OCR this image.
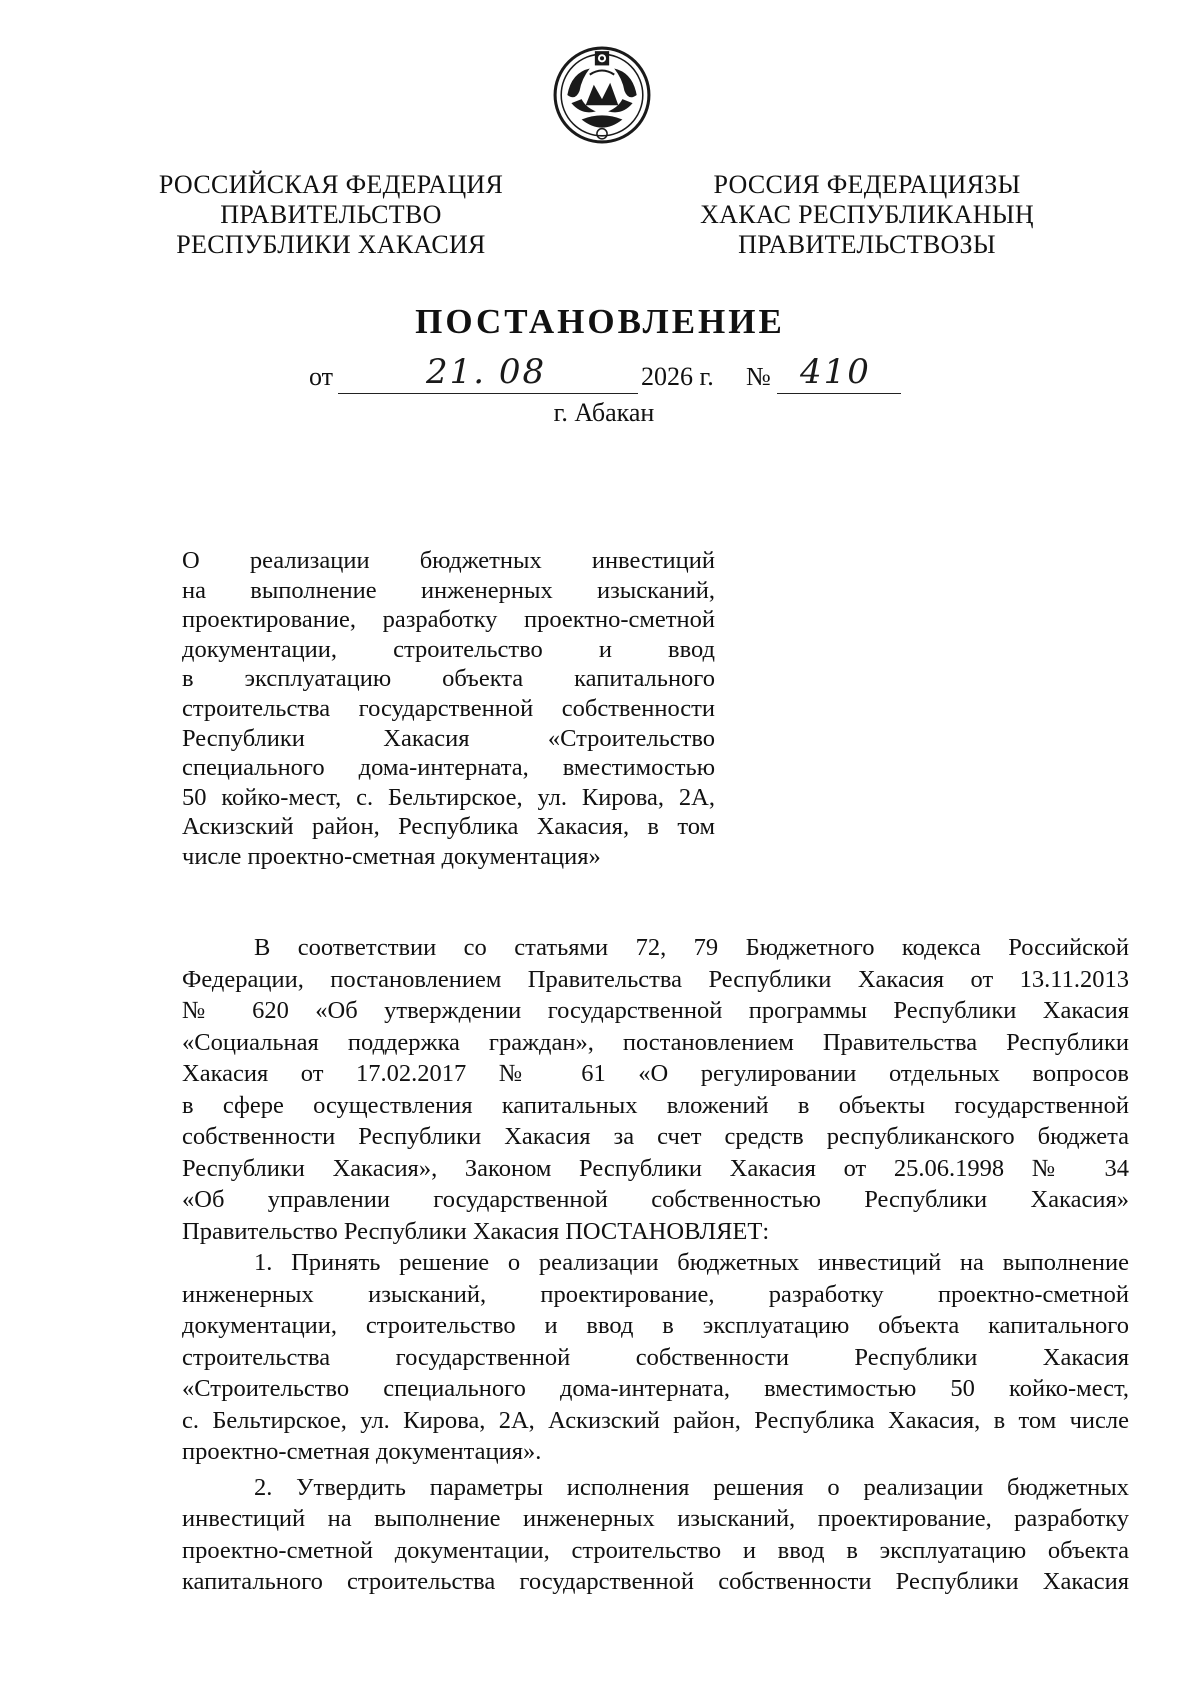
РОССИЙСКАЯ ФЕДЕРАЦИЯ
ПРАВИТЕЛЬСТВО
РЕСПУБЛИКИ ХАКАСИЯ
РОССИЯ ФЕДЕРАЦИЯЗЫ
ХАКАС РЕСПУБЛИКАНЫҢ
ПРАВИТЕЛЬСТВОЗЫ
ПОСТАНОВЛЕНИЕ
от	21. 08	2026 г. № 410
г. Абакан
О реализации бюджетных инвестиций
на выполнение инженерных изысканий,
проектирование, разработку проектно-сметной
документации, строительство и ввод
в эксплуатацию объекта капитального
строительства государственной собственности
Республики Хакасия «Строительство
специального дома-интерната, вместимостью
50 койко-мест, с. Бельтирское, ул. Кирова, 2А,
Аскизский район, Республика Хакасия, в том
числе проектно-сметная документация»
В соответствии со статьями 72, 79 Бюджетного кодекса Российской
Федерации, постановлением Правительства Республики Хакасия от 13.11.2013
№ 620 «Об утверждении государственной программы Республики Хакасия
«Социальная поддержка граждан», постановлением Правительства Республики
Хакасия от 17.02.2017 № 61 «О регулировании отдельных вопросов
в сфере осуществления капитальных вложений в объекты государственной
собственности Республики Хакасия за счет средств республиканского бюджета
Республики Хакасия», Законом Республики Хакасия от 25.06.1998 № 34
«Об управлении государственной собственностью Республики Хакасия»
Правительство Республики Хакасия ПОСТАНОВЛЯЕТ:
1. Принять решение о реализации бюджетных инвестиций на выполнение
инженерных изысканий, проектирование, разработку проектно-сметной
документации, строительство и ввод в эксплуатацию объекта капитального
строительства государственной собственности Республики Хакасия
«Строительство специального дома-интерната, вместимостью 50 койко-мест,
с. Бельтирское, ул. Кирова, 2А, Аскизский район, Республика Хакасия, в том числе
проектно-сметная документация».
2. Утвердить параметры исполнения решения о реализации бюджетных
инвестиций на выполнение инженерных изысканий, проектирование, разработку
проектно-сметной документации, строительство и ввод в эксплуатацию объекта
капитального строительства государственной собственности Республики Хакасия
